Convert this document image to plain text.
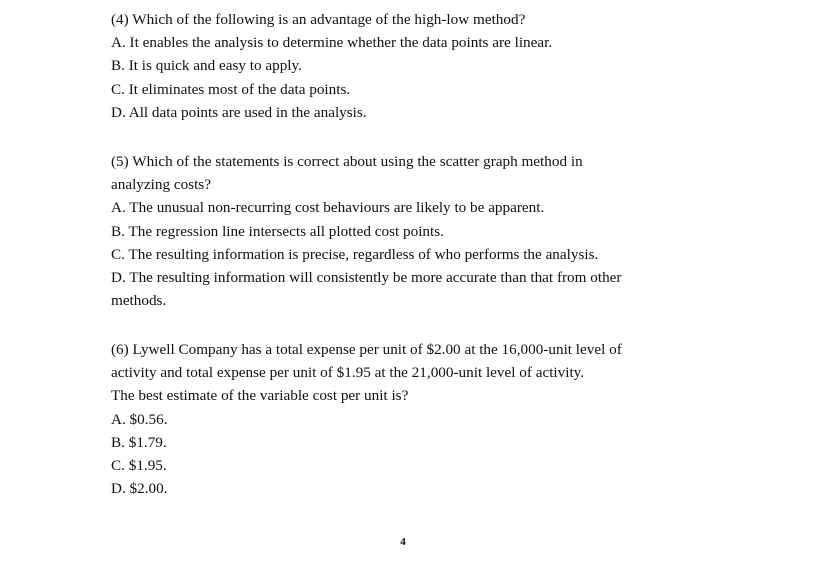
(4) Which of the following is an advantage of the high-low method?
A. It enables the analysis to determine whether the data points are linear.
B. It is quick and easy to apply.
C. It eliminates most of the data points.
D. All data points are used in the analysis.
(5) Which of the statements is correct about using the scatter graph method in
analyzing costs?
A. The unusual non-recurring cost behaviours are likely to be apparent.
B. The regression line intersects all plotted cost points.
C. The resulting information is precise, regardless of who performs the analysis.
D. The resulting information will consistently be more accurate than that from other
methods.
(6) Lywell Company has a total expense per unit of $2.00 at the 16,000-unit level of
activity and total expense per unit of $1.95 at the 21,000-unit level of activity.
The best estimate of the variable cost per unit is?
A. $0.56.
B. $1.79.
C. $1.95.
D. $2.00.
4
